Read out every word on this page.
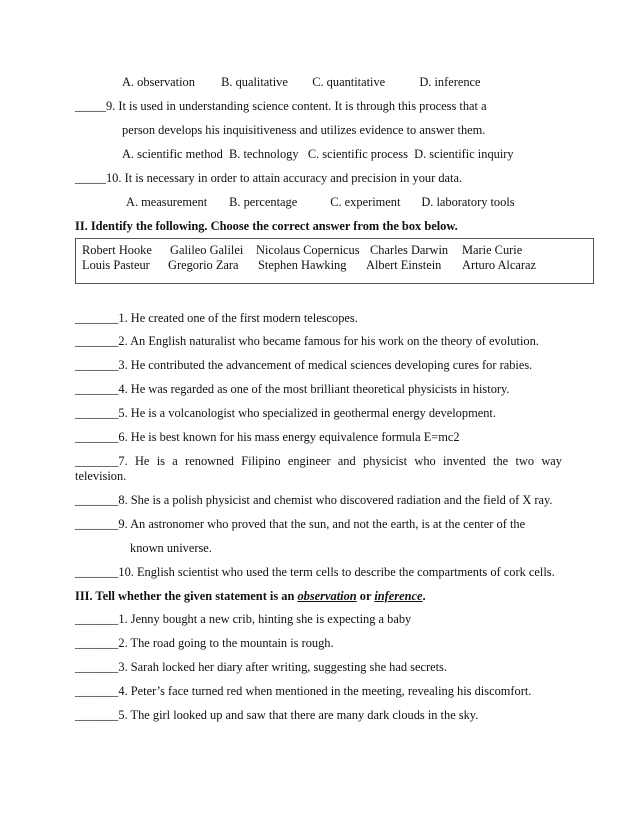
A. observation B. qualitative C. quantitative	D. inference
_____9. It is used in understanding science content. It is through this process that a
person develops his inquisitiveness and utilizes evidence to answer them.
A. scientific method  B. technology   C. scientific process  D. scientific inquiry
_____10. It is necessary in order to attain accuracy and precision in your data.
A. measurement B. percentage	C. experiment D. laboratory tools
II. Identify the following. Choose the correct answer from the box below.
Robert Hooke Galileo Galilei Nicolaus Copernicus Charles Darwin Marie Curie
Louis Pasteur Gregorio Zara Stephen Hawking Albert Einstein Arturo Alcaraz
_______1. He created one of the first modern telescopes.
_______2. An English naturalist who became famous for his work on the theory of evolution.
_______3. He contributed the advancement of medical sciences developing cures for rabies.
_______4. He was regarded as one of the most brilliant theoretical physicists in history.
_______5. He is a volcanologist who specialized in geothermal energy development.
_______6. He is best known for his mass energy equivalence formula E=mc2
_______7. He is a renowned Filipino engineer and physicist who invented the two way
television.
_______8. She is a polish physicist and chemist who discovered radiation and the field of X ray.
_______9. An astronomer who proved that the sun, and not the earth, is at the center of the
known universe.
_______10. English scientist who used the term cells to describe the compartments of cork cells.
III. Tell whether the given statement is an observation or inference.
_______1. Jenny bought a new crib, hinting she is expecting a baby
_______2. The road going to the mountain is rough.
_______3. Sarah locked her diary after writing, suggesting she had secrets.
_______4. Peter’s face turned red when mentioned in the meeting, revealing his discomfort.
_______5. The girl looked up and saw that there are many dark clouds in the sky.
